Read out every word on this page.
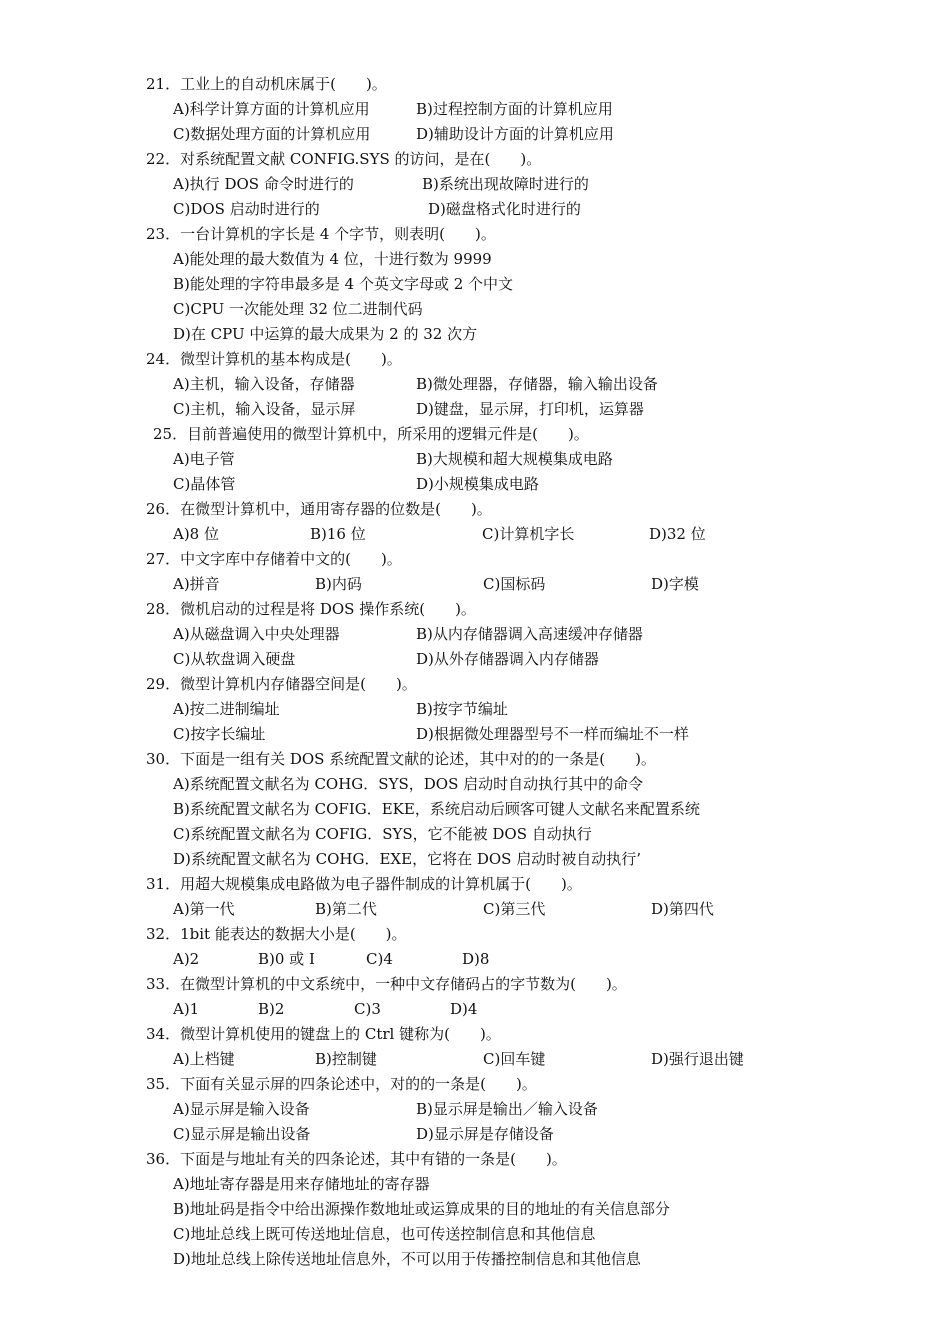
21．工业上的自动机床属于(　　)。
A)科学计算方面的计算机应用	B)过程控制方面的计算机应用
C)数据处理方面的计算机应用	D)辅助设计方面的计算机应用
22．对系统配置文献 CONFIG.SYS 的访问，是在(　　)。
A)执行 DOS 命令时进行的	B)系统出现故障时进行的
C)DOS 启动时进行的	D)磁盘格式化时进行的
23．一台计算机的字长是 4 个字节，则表明(　　)。
A)能处理的最大数值为 4 位，十进行数为 9999
B)能处理的字符串最多是 4 个英文字母或 2 个中文
C)CPU 一次能处理 32 位二进制代码
D)在 CPU 中运算的最大成果为 2 的 32 次方
24．微型计算机的基本构成是(　　)。
A)主机，输入设备，存储器	B)微处理器，存储器，输入输出设备
C)主机，输入设备，显示屏	D)键盘，显示屏，打印机，运算器
25．目前普遍使用的微型计算机中，所采用的逻辑元件是(　　)。
A)电子管	B)大规模和超大规模集成电路
C)晶体管	D)小规模集成电路
26．在微型计算机中，通用寄存器的位数是(　　)。
A)8 位	B)16 位	C)计算机字长	D)32 位
27．中文字库中存储着中文的(　　)。
A)拼音	B)内码	C)国标码	D)字模
28．微机启动的过程是将 DOS 操作系统(　　)。
A)从磁盘调入中央处理器	B)从内存储器调入高速缓冲存储器
C)从软盘调入硬盘	D)从外存储器调入内存储器
29．微型计算机内存储器空间是(　　)。
A)按二进制编址	B)按字节编址
C)按字长编址	D)根据微处理器型号不一样而编址不一样
30．下面是一组有关 DOS 系统配置文献的论述，其中对的的一条是(　　)。
A)系统配置文献名为 COHG．SYS，DOS 启动时自动执行其中的命令
B)系统配置文献名为 COFIG．EKE，系统启动后顾客可键人文献名来配置系统
C)系统配置文献名为 COFIG．SYS，它不能被 DOS 自动执行
D)系统配置文献名为 COHG．EXE，它将在 DOS 启动时被自动执行’
31．用超大规模集成电路做为电子器件制成的计算机属于(　　)。
A)第一代	B)第二代	C)第三代	D)第四代
32．1bit 能表达的数据大小是(　　)。
A)2	B)0 或 I	C)4	D)8
33．在微型计算机的中文系统中，一种中文存储码占的字节数为(　　)。
A)1	B)2	C)3	D)4
34．微型计算机使用的键盘上的 Ctrl 键称为(　　)。
A)上档键	B)控制键	C)回车键	D)强行退出键
35．下面有关显示屏的四条论述中，对的的一条是(　　)。
A)显示屏是输入设备	B)显示屏是输出／输入设备
C)显示屏是输出设备	D)显示屏是存储设备
36．下面是与地址有关的四条论述，其中有错的一条是(　　)。
A)地址寄存器是用来存储地址的寄存器
B)地址码是指令中给出源操作数地址或运算成果的目的地址的有关信息部分
C)地址总线上既可传送地址信息，也可传送控制信息和其他信息
D)地址总线上除传送地址信息外，不可以用于传播控制信息和其他信息
